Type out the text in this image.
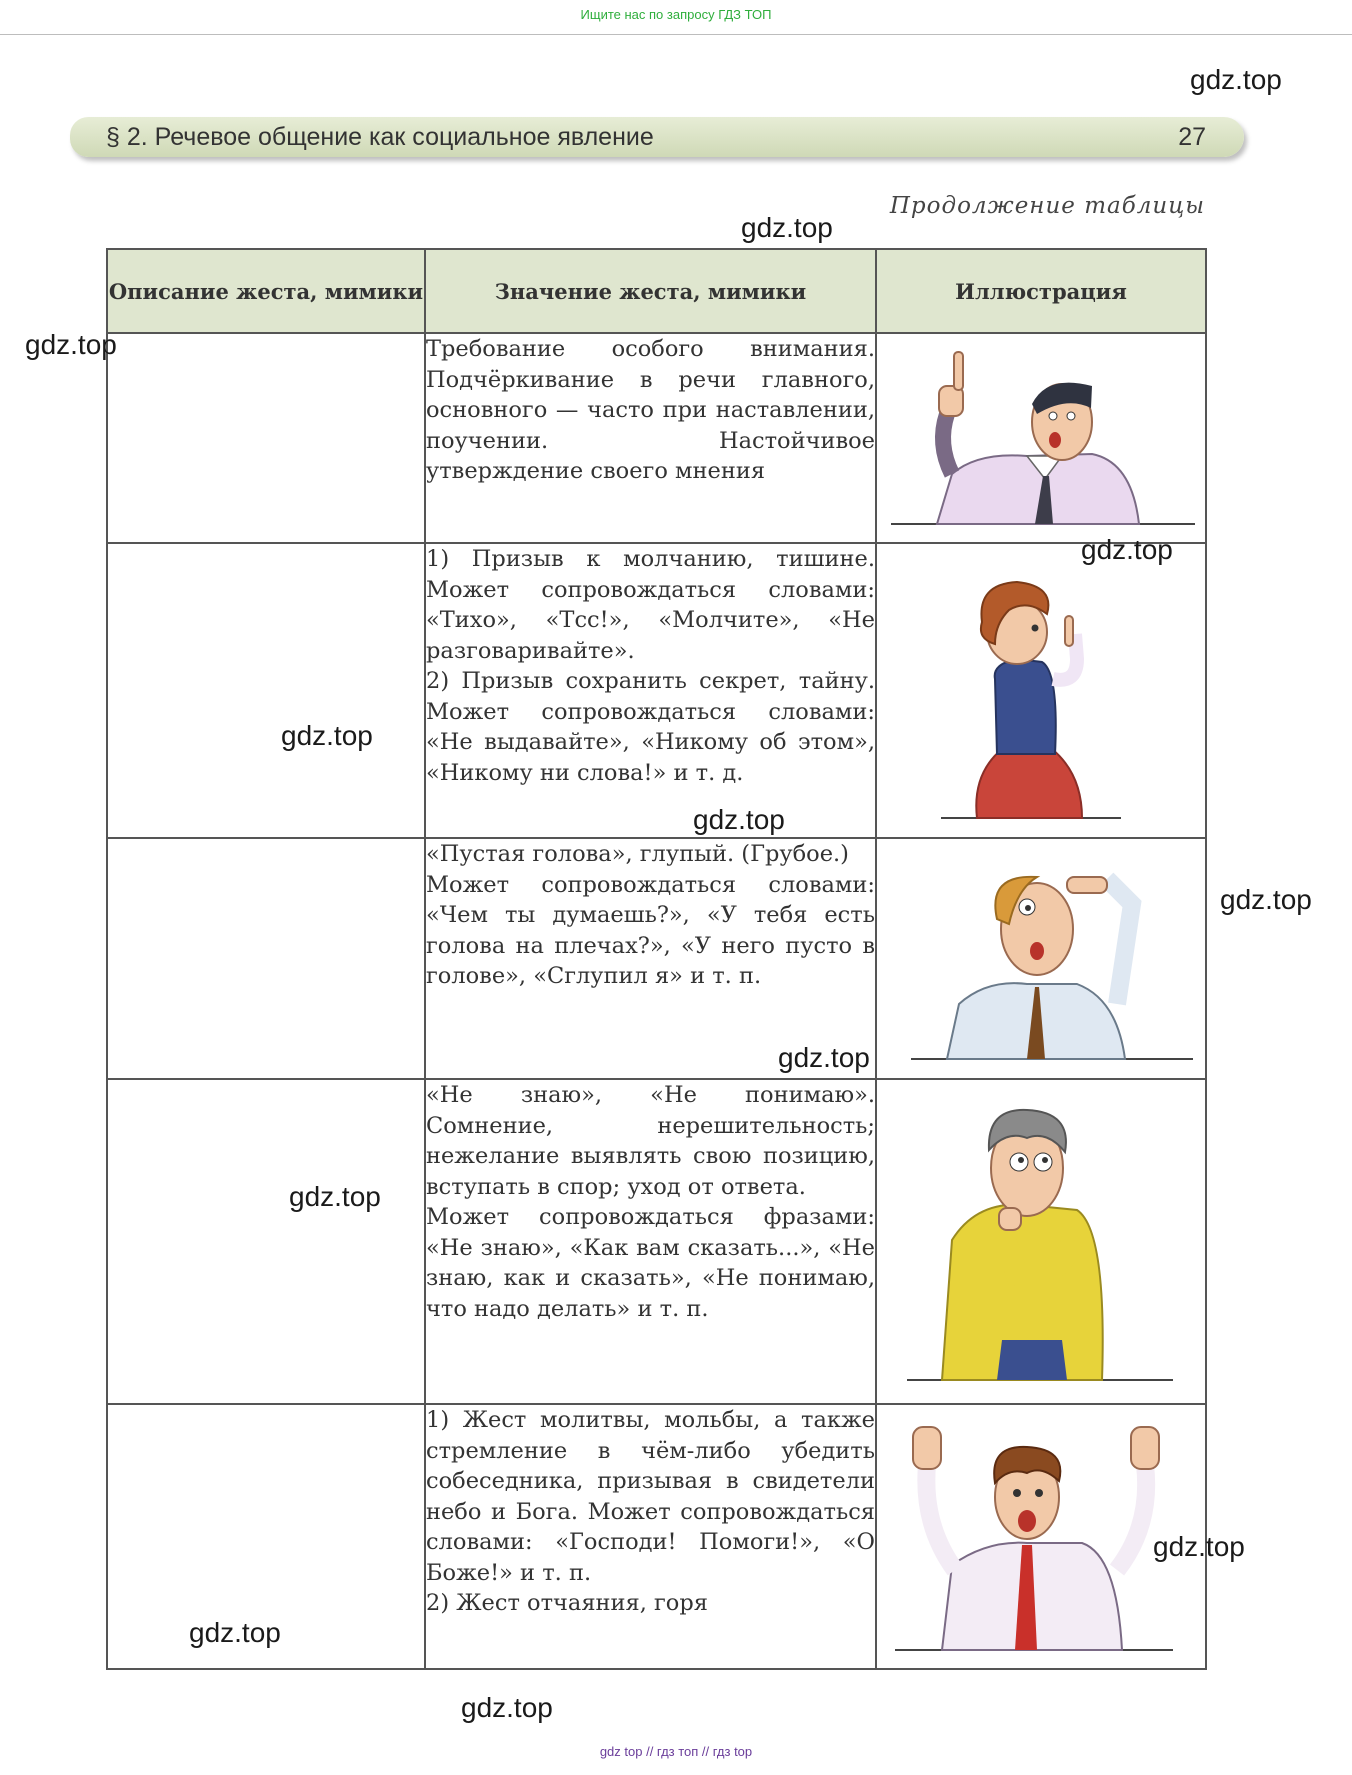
Ищите нас по запросу ГДЗ ТОП
§ 2. Речевое общение как социальное явление	27
Продолжение таблицы
Описание жеста, мимики	Значение жеста, мимики	Иллюстрация

	Требование особого внимания. Подчёркивание в речи главного, основного — часто при наставлении, поучении. Настойчивое утверждение своего мнения

	1) Призыв к молчанию, тишине. Может сопровождаться словами: «Тихо», «Тсс!», «Молчите», «Не разговаривайте».

2) Призыв сохранить секрет, тайну. Может сопровождаться словами: «Не выдавайте», «Никому об этом», «Никому ни слова!» и т. д.

	«Пустая голова», глупый. (Грубое.)

Может сопровождаться словами: «Чем ты думаешь?», «У тебя есть голова на плечах?», «У него пусто в голове», «Сглупил я» и т. п.

	«Не знаю», «Не понимаю». Сомнение, нерешительность; нежелание выявлять свою позицию, вступать в спор; уход от ответа.

Может сопровождаться фразами: «Не знаю», «Как вам сказать...», «Не знаю, как и сказать», «Не понимаю, что надо делать» и т. п.

	1) Жест молитвы, мольбы, а также стремление в чём-либо убедить собеседника, призывая в свидетели небо и Бога. Может сопровождаться словами: «Господи! Помоги!», «О Боже!» и т. п.

2) Жест отчаяния, горя

gdz.top
gdz.top
gdz.top
gdz.top
gdz.top
gdz.top
gdz.top
gdz.top
gdz.top
gdz.top
gdz.top
gdz.top
gdz top // гдз топ // гдз top
